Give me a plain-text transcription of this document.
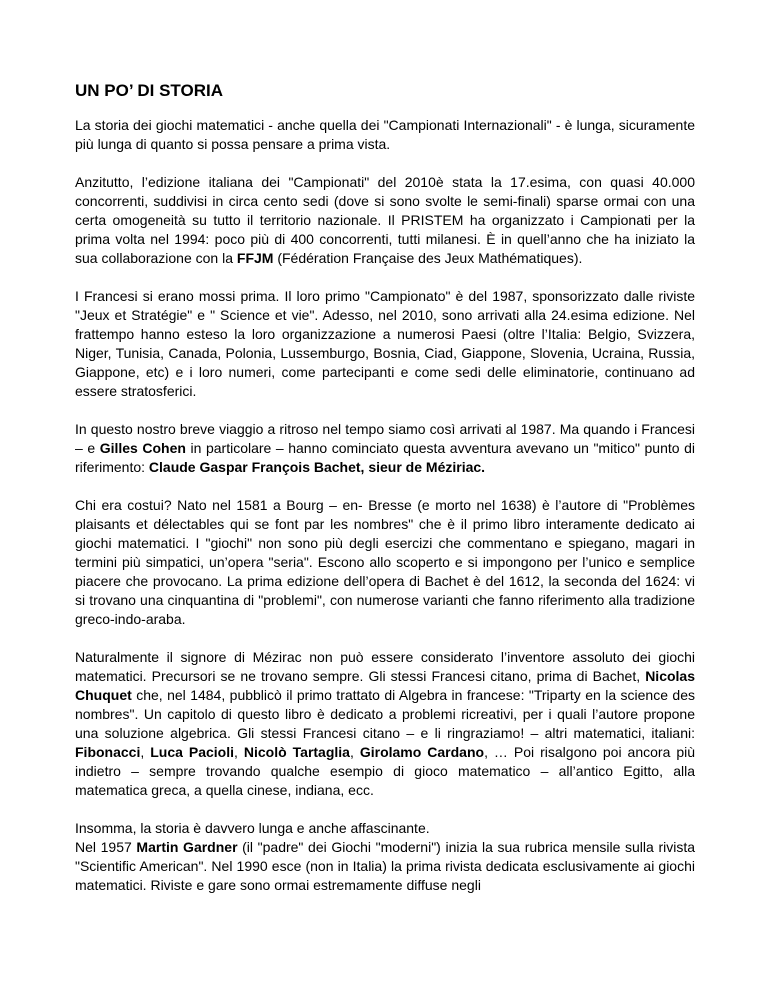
UN PO’ DI STORIA

La storia dei giochi matematici - anche quella dei "Campionati Internazionali" - è lunga, sicuramente più lunga di quanto si possa pensare a prima vista.

Anzitutto, l’edizione italiana dei "Campionati" del 2010è stata la 17.esima, con quasi 40.000 concorrenti, suddivisi in circa cento sedi (dove si sono svolte le semi-finali) sparse ormai con una certa omogeneità su tutto il territorio nazionale. Il PRISTEM ha organizzato i Campionati per la prima volta nel 1994: poco più di 400 concorrenti, tutti milanesi. È in quell’anno che ha iniziato la sua collaborazione con la FFJM (Fédération Française des Jeux Mathématiques).

I Francesi si erano mossi prima. Il loro primo "Campionato" è del 1987, sponsorizzato dalle riviste "Jeux et Stratégie" e " Science et vie". Adesso, nel 2010, sono arrivati alla 24.esima edizione. Nel frattempo hanno esteso la loro organizzazione a numerosi Paesi (oltre l’Italia: Belgio, Svizzera, Niger, Tunisia, Canada, Polonia, Lussemburgo, Bosnia, Ciad, Giappone, Slovenia, Ucraina, Russia, Giappone, etc) e i loro numeri, come partecipanti e come sedi delle eliminatorie, continuano ad essere stratosferici.

In questo nostro breve viaggio a ritroso nel tempo siamo così arrivati al 1987. Ma quando i Francesi – e Gilles Cohen in particolare – hanno cominciato questa avventura avevano un "mitico" punto di riferimento: Claude Gaspar François Bachet, sieur de Méziriac.

Chi era costui? Nato nel 1581 a Bourg – en- Bresse (e morto nel 1638) è l’autore di "Problèmes plaisants et délectables qui se font par les nombres" che è il primo libro interamente dedicato ai giochi matematici. I "giochi" non sono più degli esercizi che commentano e spiegano, magari in termini più simpatici, un’opera "seria". Escono allo scoperto e si impongono per l’unico e semplice piacere che provocano. La prima edizione dell’opera di Bachet è del 1612, la seconda del 1624: vi si trovano una cinquantina di "problemi", con numerose varianti che fanno riferimento alla tradizione greco-indo-araba.

Naturalmente il signore di Mézirac non può essere considerato l’inventore assoluto dei giochi matematici. Precursori se ne trovano sempre. Gli stessi Francesi citano, prima di Bachet, Nicolas Chuquet che, nel 1484, pubblicò il primo trattato di Algebra in francese: "Triparty en la science des nombres". Un capitolo di questo libro è dedicato a problemi ricreativi, per i quali l’autore propone una soluzione algebrica. Gli stessi Francesi citano – e li ringraziamo! – altri matematici, italiani: Fibonacci, Luca Pacioli, Nicolò Tartaglia, Girolamo Cardano, … Poi risalgono poi ancora più indietro – sempre trovando qualche esempio di gioco matematico – all’antico Egitto, alla matematica greca, a quella cinese, indiana, ecc.

Insomma, la storia è davvero lunga e anche affascinante.
Nel 1957 Martin Gardner (il "padre" dei Giochi "moderni") inizia la sua rubrica mensile sulla rivista "Scientific American". Nel 1990 esce (non in Italia) la prima rivista dedicata esclusivamente ai giochi matematici. Riviste e gare sono ormai estremamente diffuse negli
